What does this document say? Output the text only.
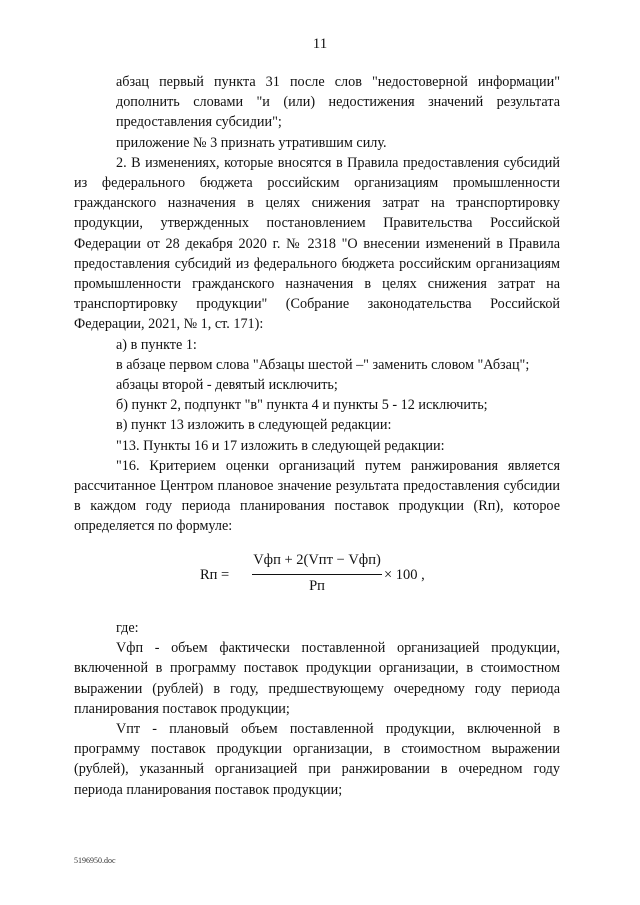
11

абзац первый пункта 31 после слов "недостоверной информации" дополнить словами "и (или) недостижения значений результата предоставления субсидии";

приложение № 3 признать утратившим силу.

2. В изменениях, которые вносятся в Правила предоставления субсидий из федерального бюджета российским организациям промышленности гражданского назначения в целях снижения затрат на транспортировку продукции, утвержденных постановлением Правительства Российской Федерации от 28 декабря 2020 г. № 2318 "О внесении изменений в Правила предоставления субсидий из федерального бюджета российским организациям промышленности гражданского назначения в целях снижения затрат на транспортировку продукции" (Собрание законодательства Российской Федерации, 2021, № 1, ст. 171):

а) в пункте 1:

в абзаце первом слова "Абзацы шестой –" заменить словом "Абзац";

абзацы второй - девятый исключить;

б) пункт 2, подпункт "в" пункта 4 и пункты 5 - 12 исключить;

в) пункт 13 изложить в следующей редакции:

"13. Пункты 16 и 17 изложить в следующей редакции:

"16. Критерием оценки организаций путем ранжирования является рассчитанное Центром плановое значение результата предоставления субсидии в каждом году периода планирования поставок продукции (Rп), которое определяется по формуле:

Rп =
Vфп + 2(Vпт − Vфп)
Pп
× 100 ,

где:

Vфп - объем фактически поставленной организацией продукции, включенной в программу поставок продукции организации, в стоимостном выражении (рублей) в году, предшествующему очередному году периода планирования поставок продукции;

Vпт - плановый объем поставленной продукции, включенной в программу поставок продукции организации, в стоимостном выражении (рублей), указанный организацией при ранжировании в очередном году периода планирования поставок продукции;

5196950.doc
